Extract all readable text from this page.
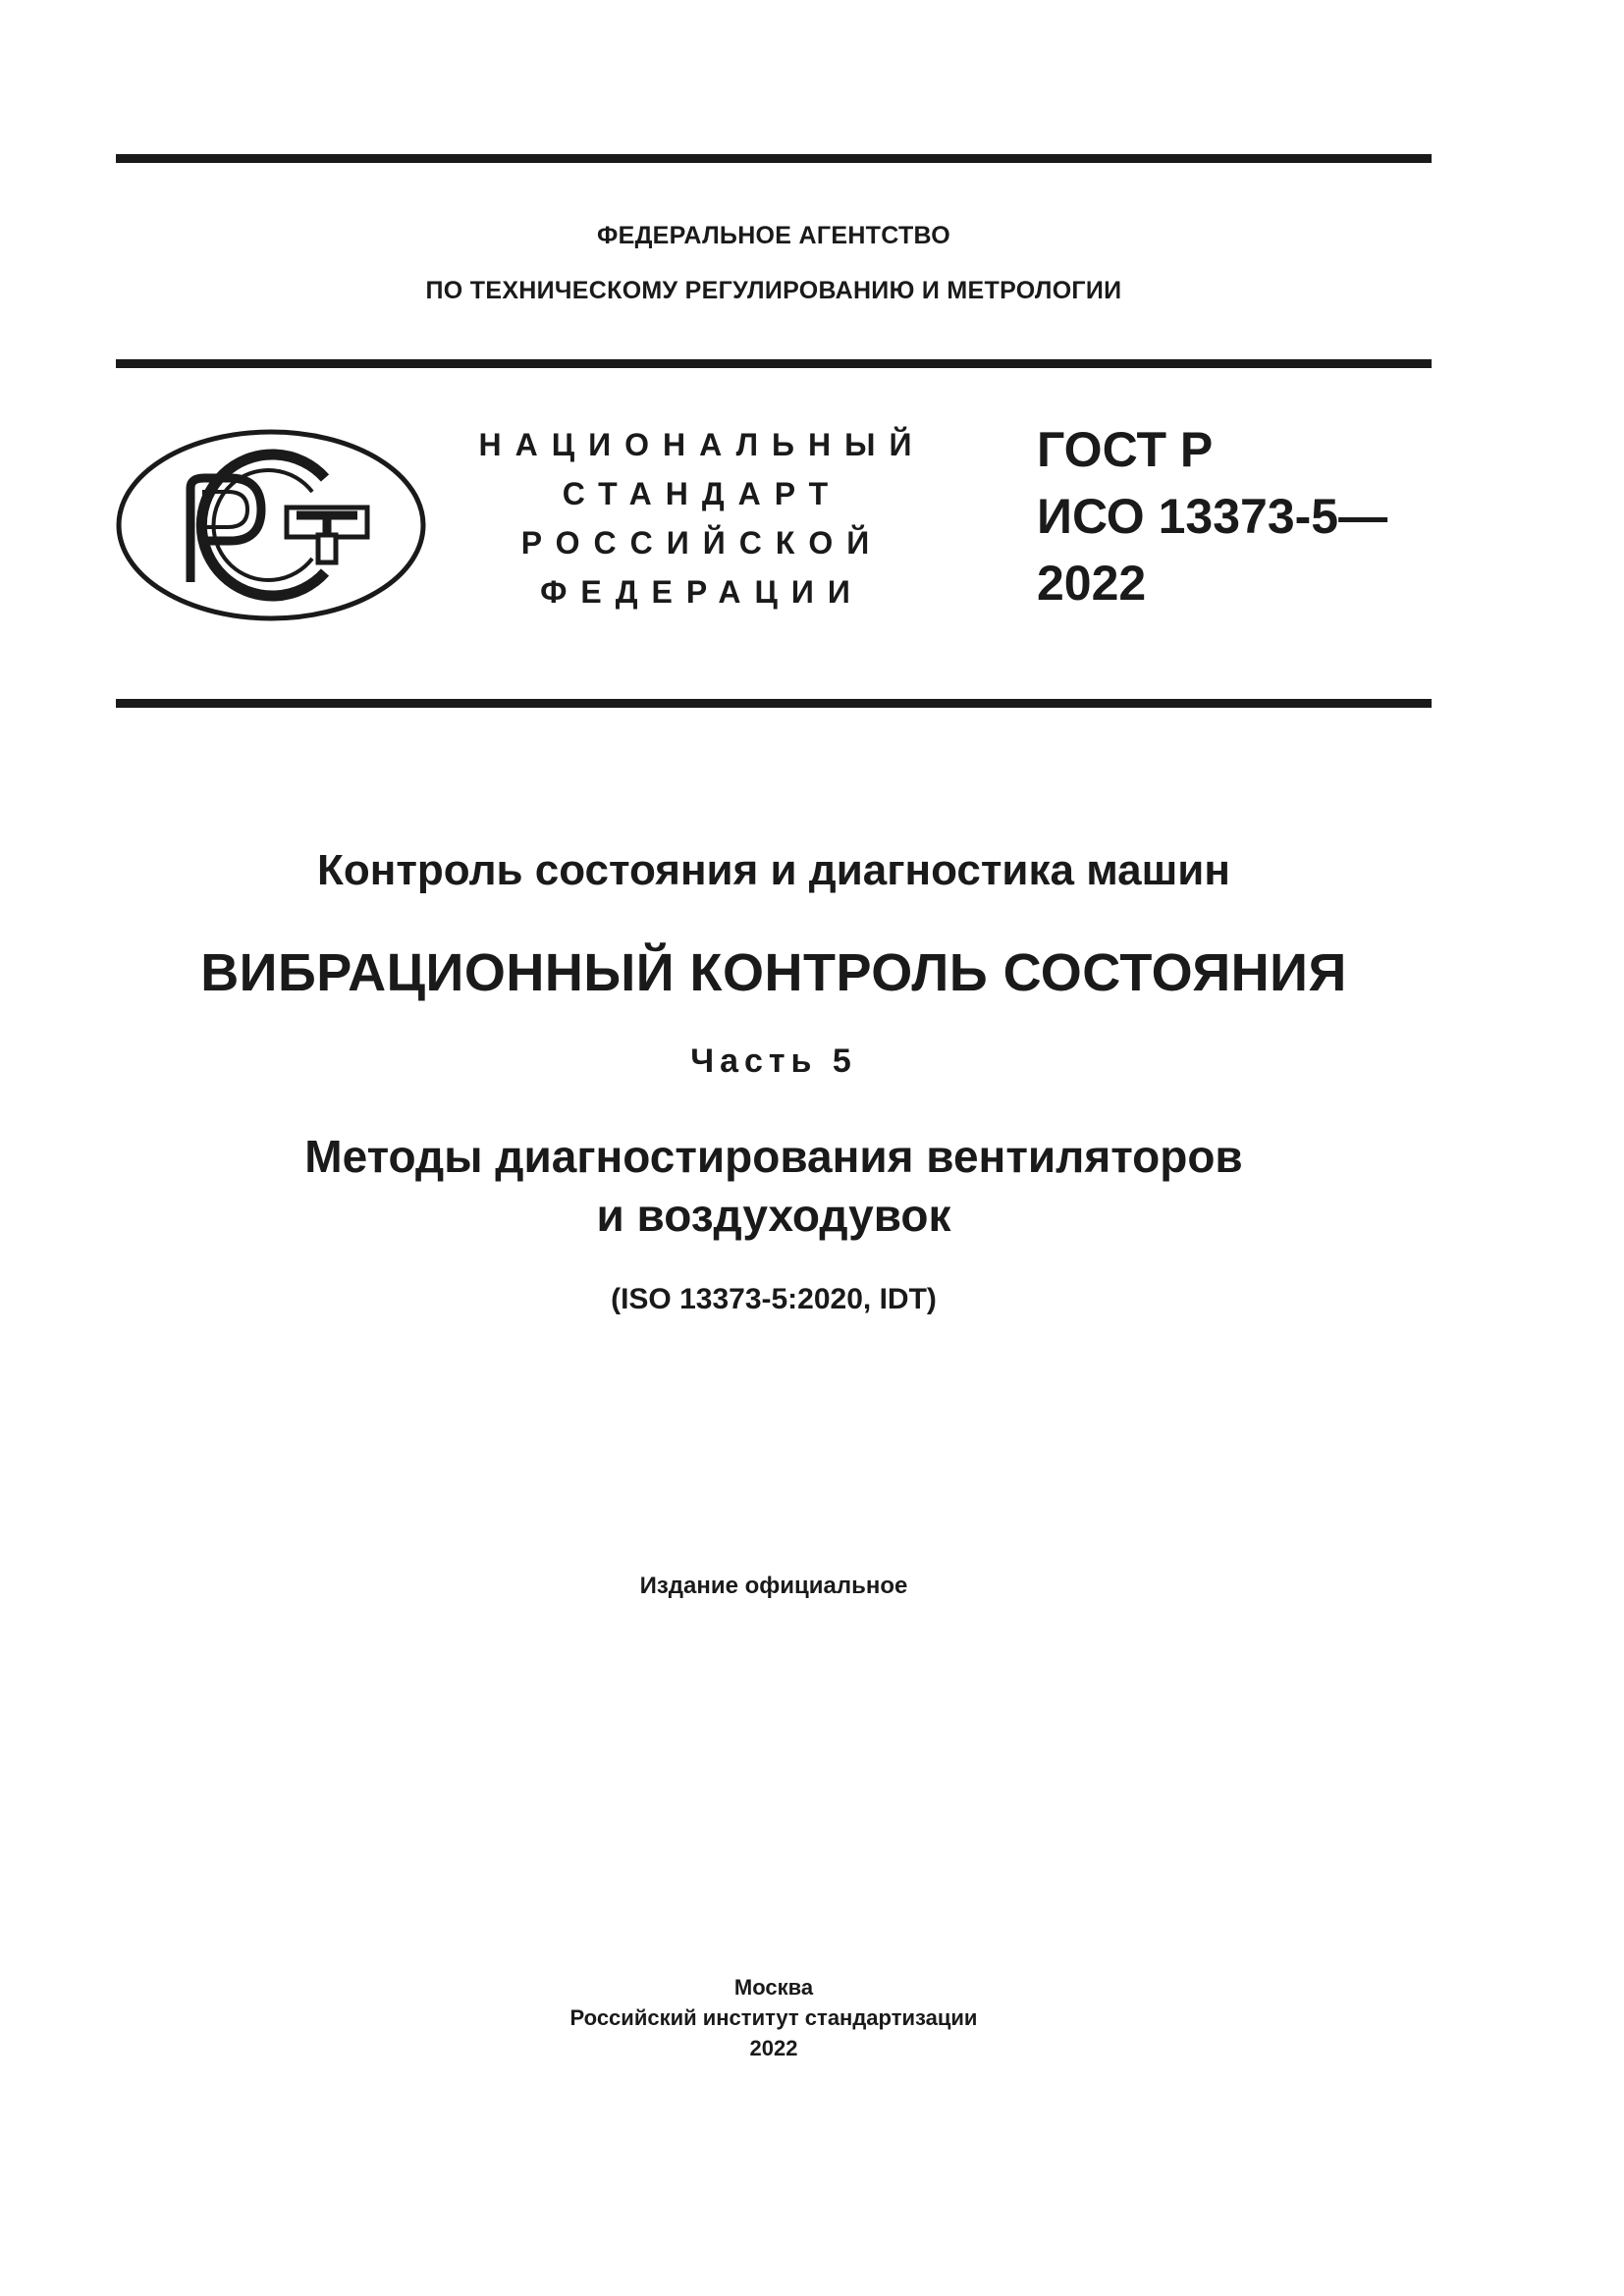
ФЕДЕРАЛЬНОЕ АГЕНТСТВО
ПО ТЕХНИЧЕСКОМУ РЕГУЛИРОВАНИЮ И МЕТРОЛОГИИ
НАЦИОНАЛЬНЫЙ
СТАНДАРТ
РОССИЙСКОЙ
ФЕДЕРАЦИИ
ГОСТ Р
ИСО 13373-5—
2022
Контроль состояния и диагностика машин
ВИБРАЦИОННЫЙ КОНТРОЛЬ СОСТОЯНИЯ
Часть 5
Методы диагностирования вентиляторов
и воздуходувок
(ISO 13373-5:2020, IDT)
Издание официальное
Москва
Российский институт стандартизации
2022
